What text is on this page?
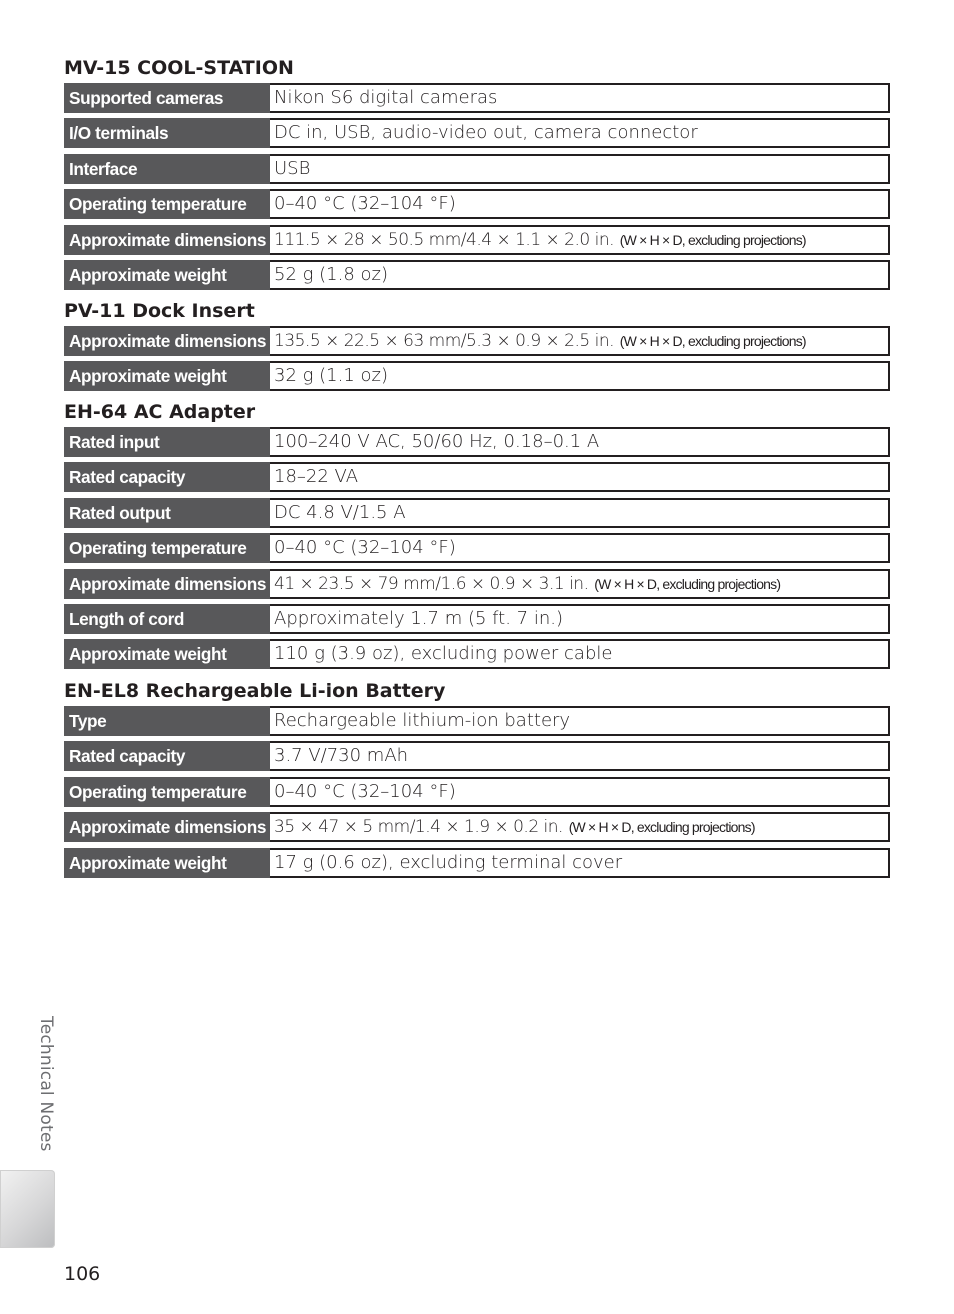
MV-15 COOL-STATION
Supported cameras	Nikon S6 digital cameras
I/O terminals	DC in, USB, audio-video out, camera connector
Interface	USB
Operating temperature	0–40 °C (32–104 °F)
Approximate dimensions 111.5 × 28 × 50.5 mm/4.4 × 1.1 × 2.0 in. (W × H × D, excluding projections)
Approximate weight	52 g (1.8 oz)
PV-11 Dock Insert
Approximate dimensions 135.5 × 22.5 × 63 mm/5.3 × 0.9 × 2.5 in. (W × H × D, excluding projections)
Approximate weight	32 g (1.1 oz)
EH-64 AC Adapter
Rated input	100–240 V AC, 50/60 Hz, 0.18–0.1 A
Rated capacity	18–22 VA
Rated output	DC 4.8 V/1.5 A
Operating temperature	0–40 °C (32–104 °F)
Approximate dimensions 41 × 23.5 × 79 mm/1.6 × 0.9 × 3.1 in. (W × H × D, excluding projections)
Length of cord	Approximately 1.7 m (5 ft. 7 in.)
Approximate weight	110 g (3.9 oz), excluding power cable
EN-EL8 Rechargeable Li-ion Battery
Type	Rechargeable lithium-ion battery
Rated capacity	3.7 V/730 mAh
Operating temperature	0–40 °C (32–104 °F)
Approximate dimensions 35 × 47 × 5 mm/1.4 × 1.9 × 0.2 in. (W × H × D, excluding projections)
Approximate weight	17 g (0.6 oz), excluding terminal cover
Technical Notes
106
